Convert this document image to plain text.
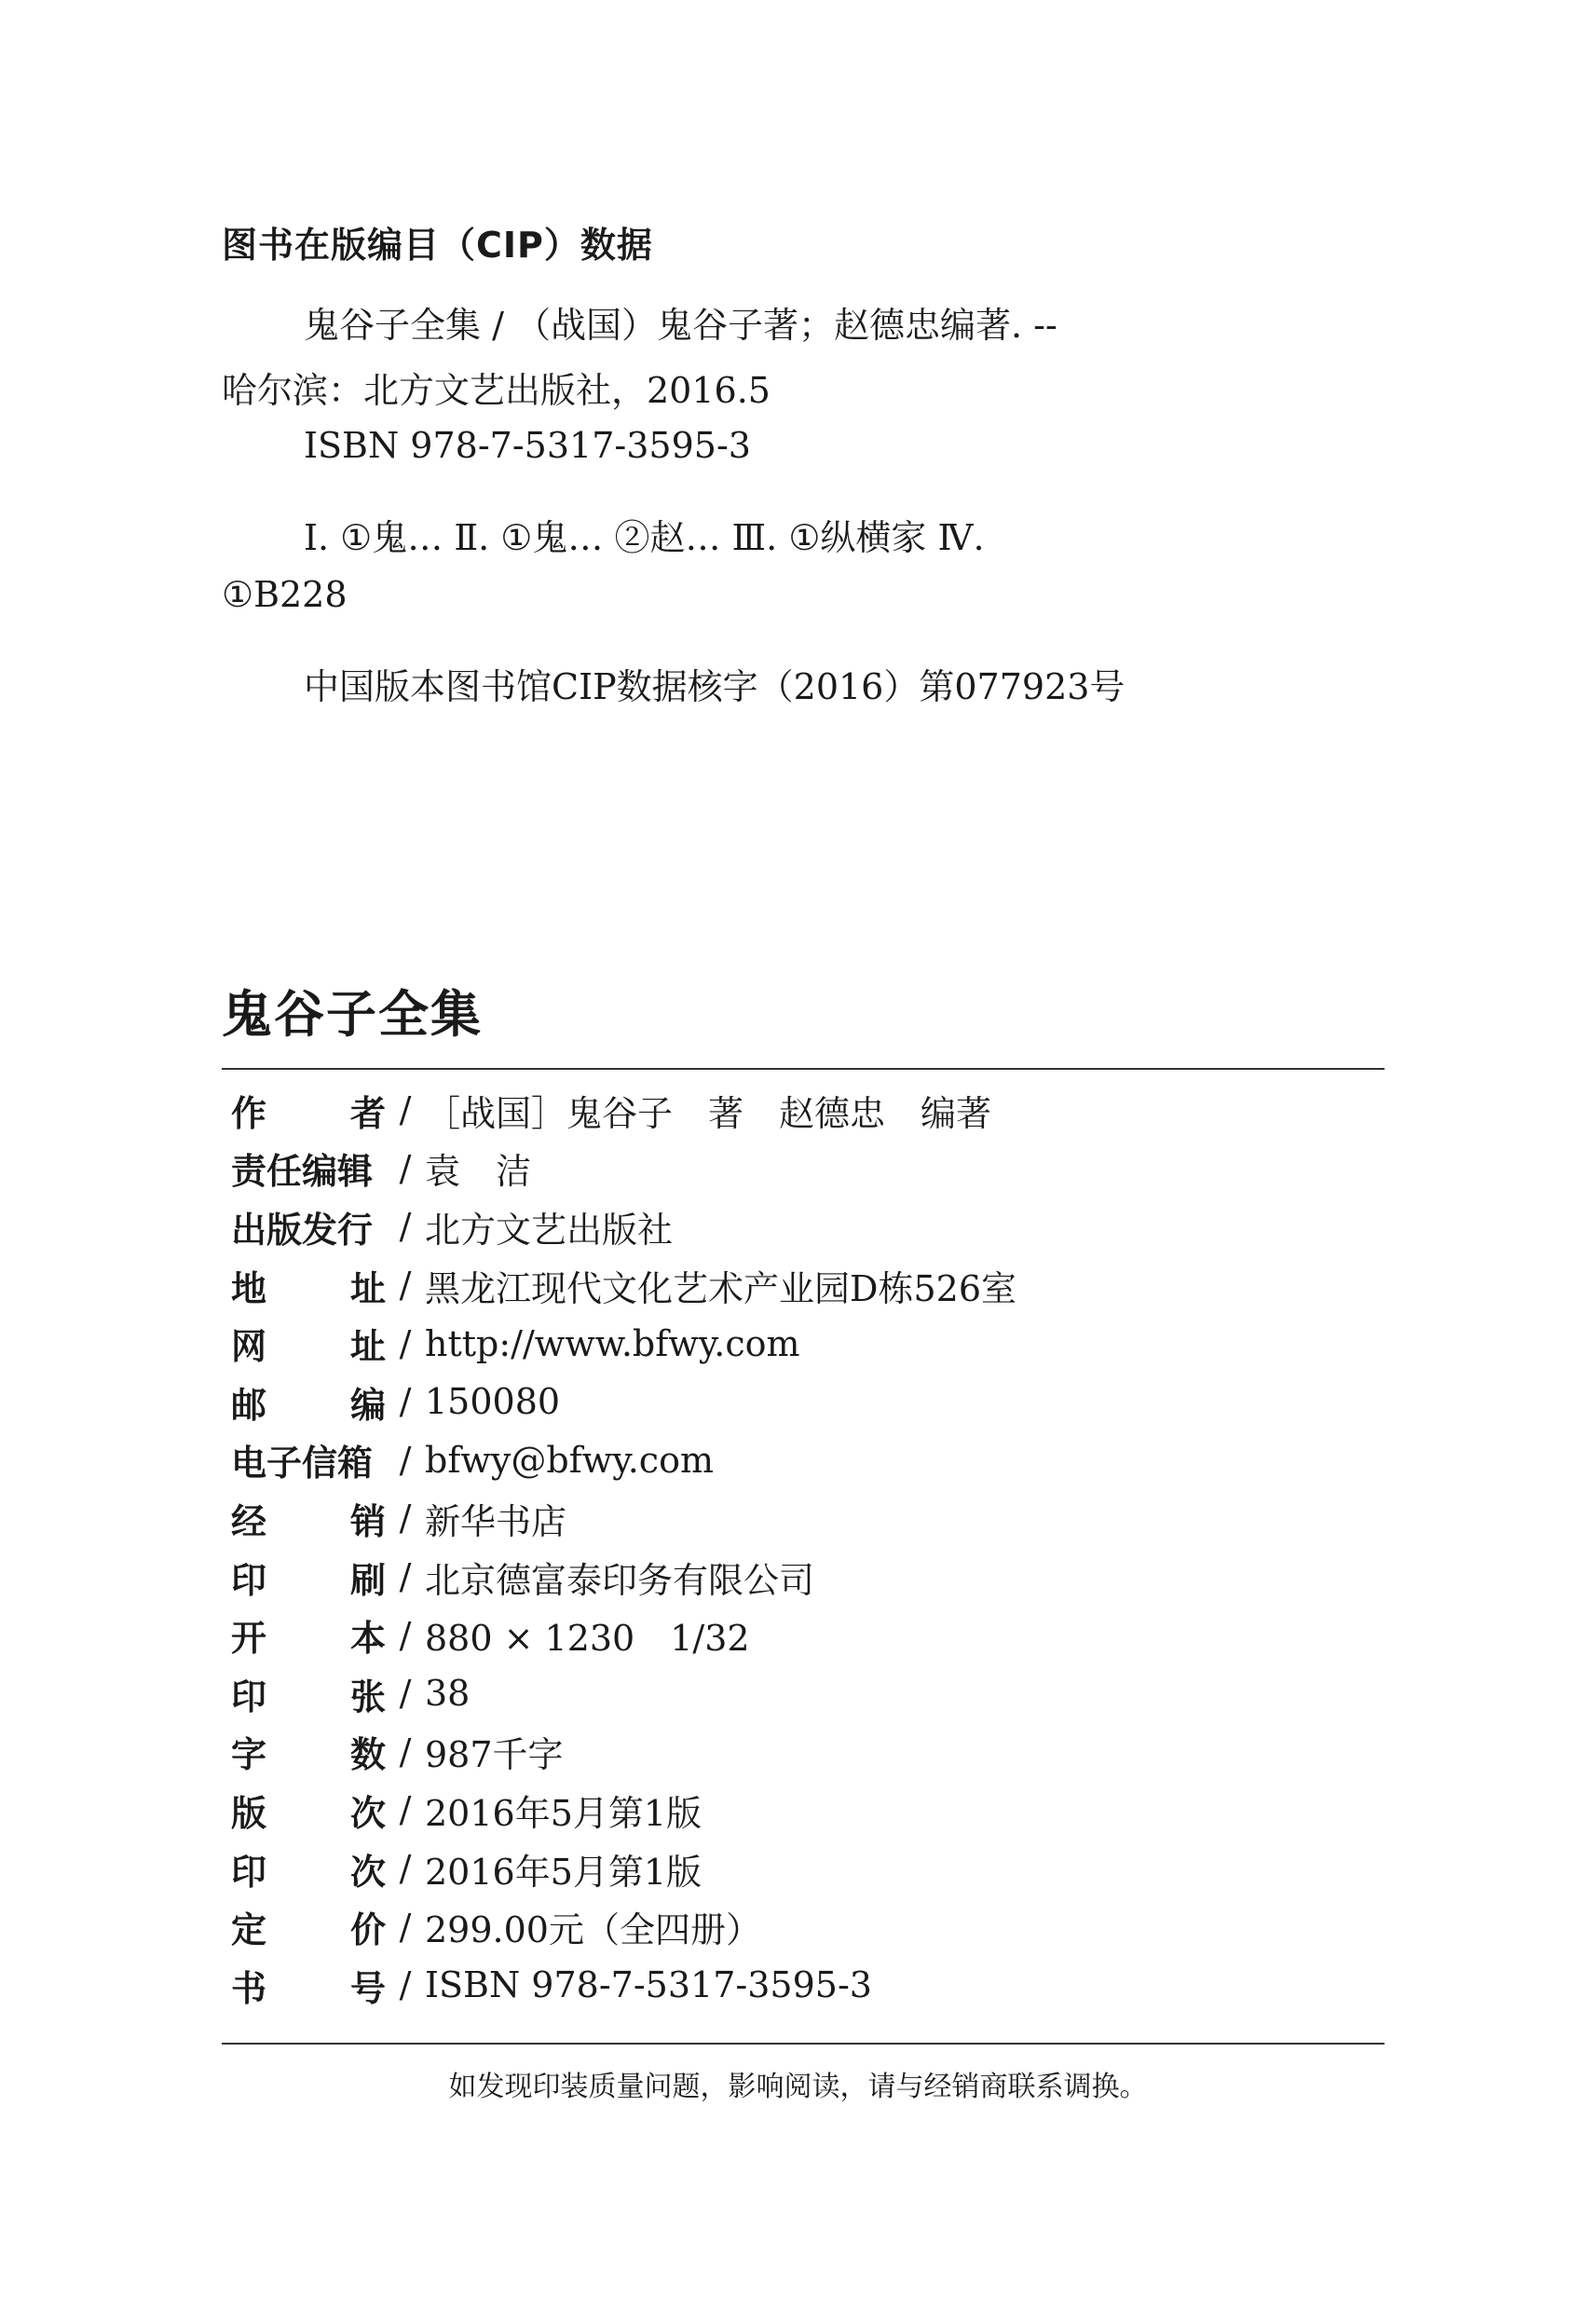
图书在版编目（CIP）数据
鬼谷子全集 / （战国）鬼谷子著；赵德忠编著. --
哈尔滨：北方文艺出版社，2016.5
ISBN 978-7-5317-3595-3
Ⅰ. ①鬼… Ⅱ. ①鬼… ②赵… Ⅲ. ①纵横家 Ⅳ.
①B228
中国版本图书馆CIP数据核字（2016）第077923号
鬼谷子全集
作 者 / ［战国］鬼谷子　著　赵德忠　编著
责任编辑 / 袁　洁
出版发行 / 北方文艺出版社
地 址 / 黑龙江现代文化艺术产业园D栋526室
网 址 / http://www.bfwy.com
邮 编 / 150080
电子信箱 / bfwy@bfwy.com
经 销 / 新华书店
印 刷 / 北京德富泰印务有限公司
开 本 / 880 × 1230　1/32
印 张 / 38
字 数 / 987千字
版 次 / 2016年5月第1版
印 次 / 2016年5月第1版
定 价 / 299.00元（全四册）
书 号 / ISBN 978-7-5317-3595-3
如发现印装质量问题，影响阅读，请与经销商联系调换。
